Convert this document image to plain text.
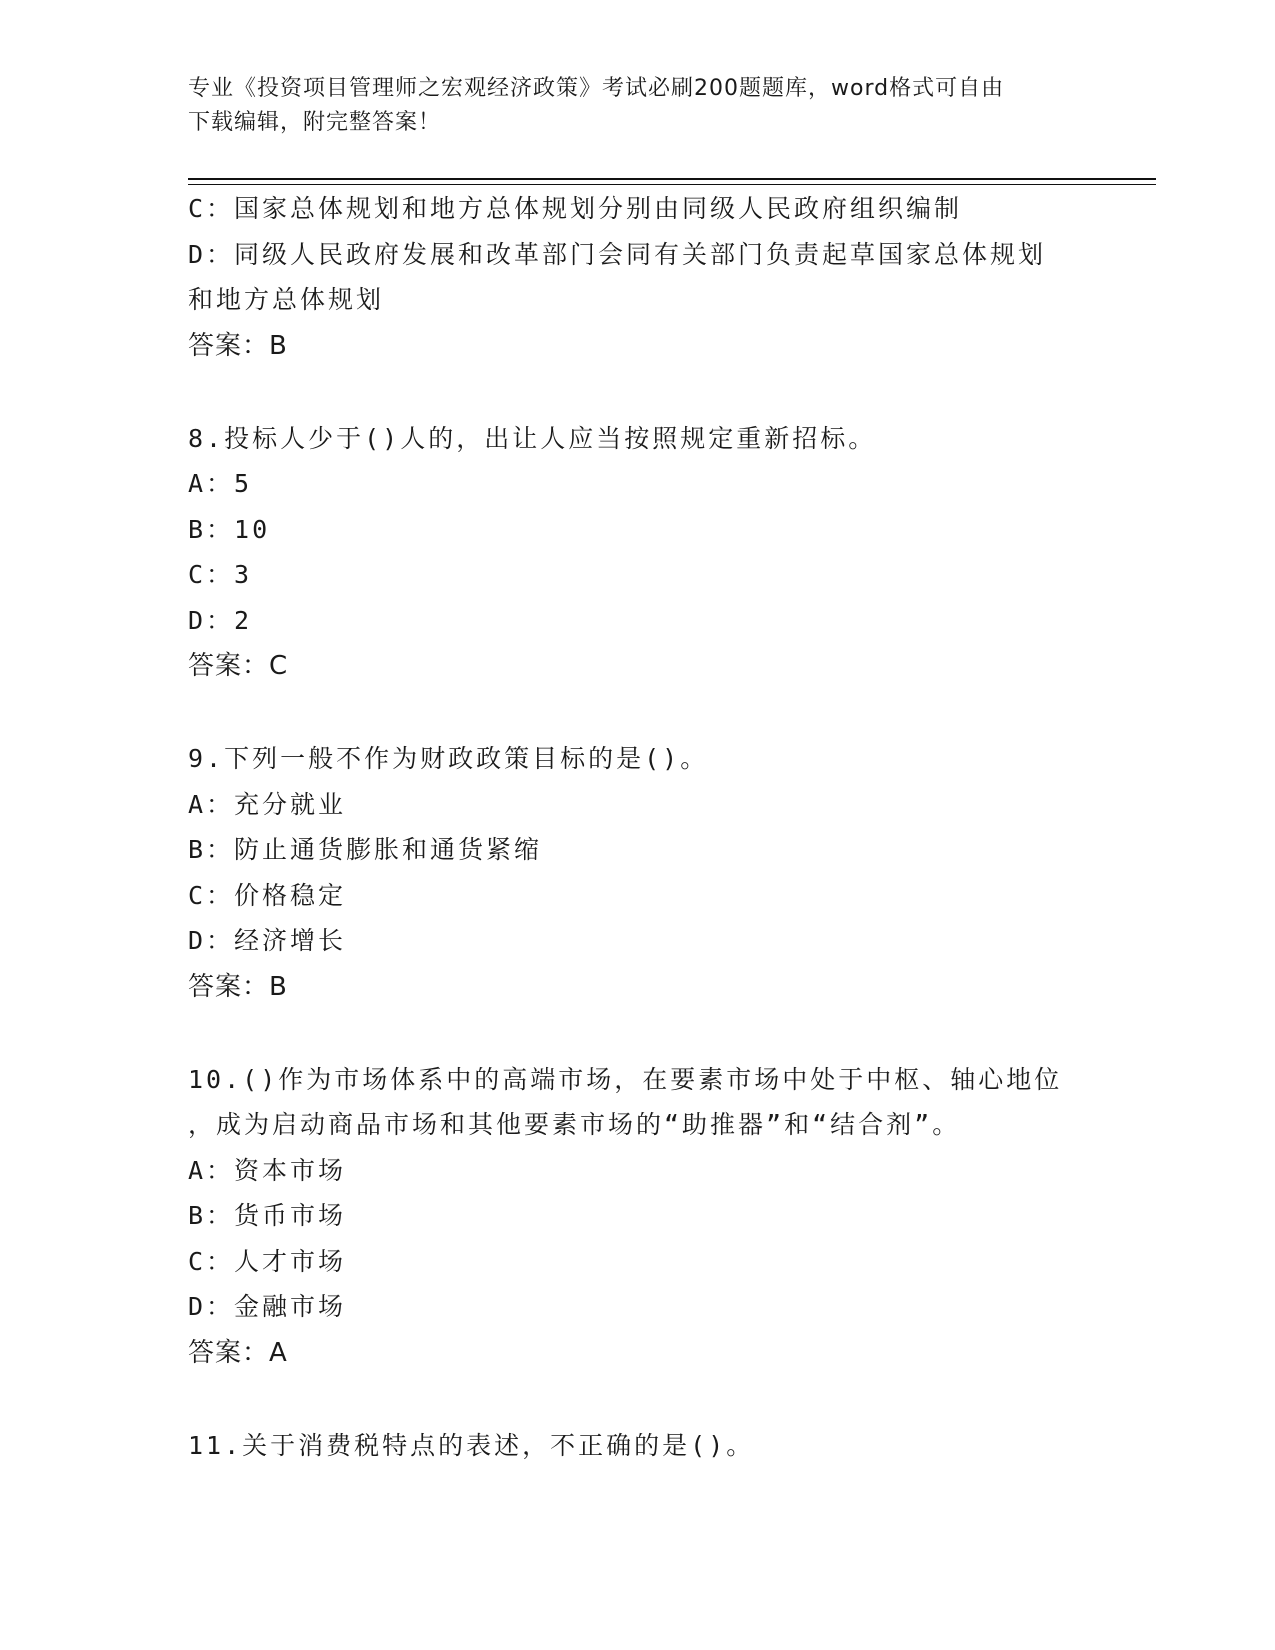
专业《投资项目管理师之宏观经济政策》考试必刷200题题库，word格式可自由
下载编辑，附完整答案！
C：国家总体规划和地方总体规划分别由同级人民政府组织编制
D：同级人民政府发展和改革部门会同有关部门负责起草国家总体规划
和地方总体规划
答案：B
8.投标人少于()人的，出让人应当按照规定重新招标。
A：5
B：10
C：3
D：2
答案：C
9.下列一般不作为财政政策目标的是()。
A：充分就业
B：防止通货膨胀和通货紧缩
C：价格稳定
D：经济增长
答案：B
10.()作为市场体系中的高端市场，在要素市场中处于中枢、轴心地位
，成为启动商品市场和其他要素市场的“助推器”和“结合剂”。
A：资本市场
B：货币市场
C：人才市场
D：金融市场
答案：A
11.关于消费税特点的表述，不正确的是()。
